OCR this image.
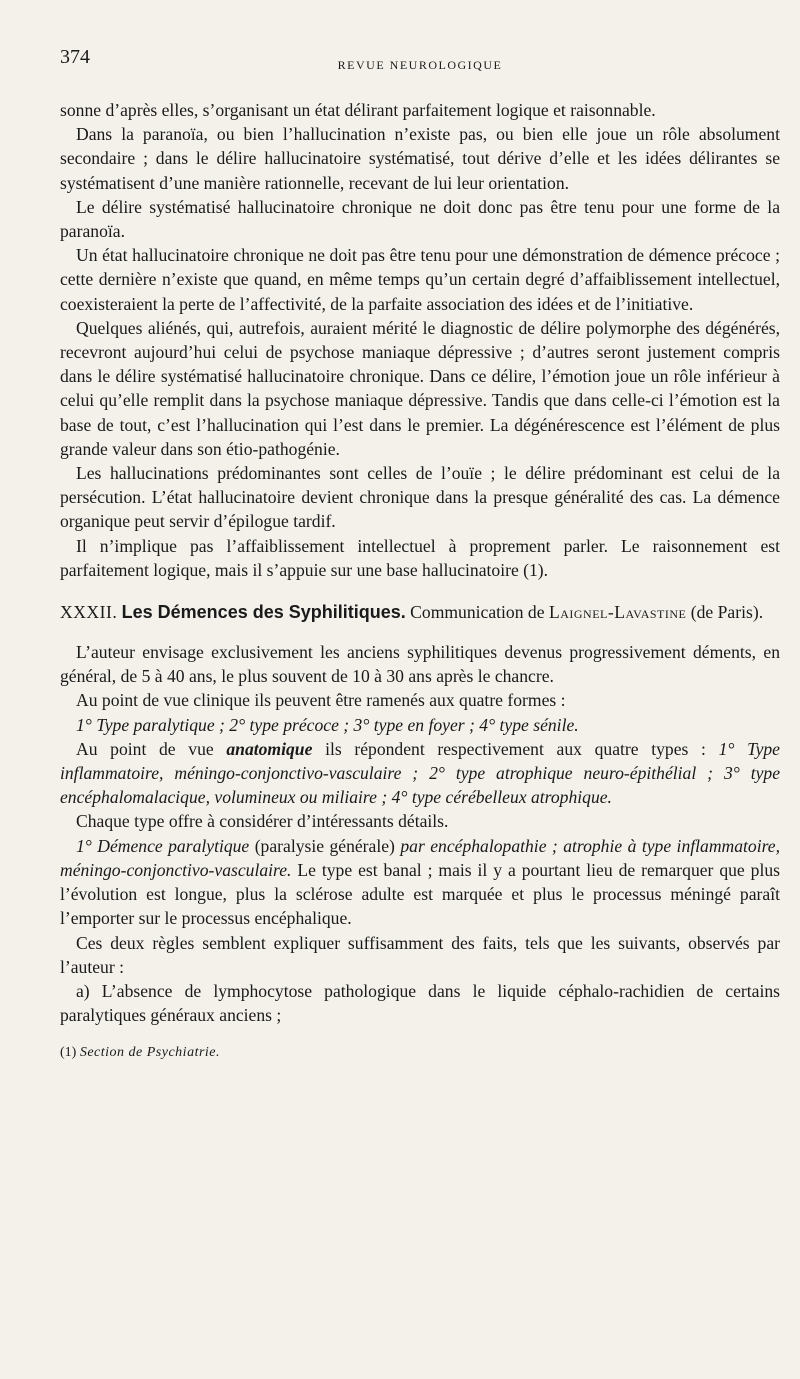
374	REVUE NEUROLOGIQUE

sonne d’après elles, s’organisant un état délirant parfaitement logique et raisonnable.

Dans la paranoïa, ou bien l’hallucination n’existe pas, ou bien elle joue un rôle absolument secondaire ; dans le délire hallucinatoire systématisé, tout dérive d’elle et les idées délirantes se systématisent d’une manière rationnelle, recevant de lui leur orientation.

Le délire systématisé hallucinatoire chronique ne doit donc pas être tenu pour une forme de la paranoïa.

Un état hallucinatoire chronique ne doit pas être tenu pour une démonstration de démence précoce ; cette dernière n’existe que quand, en même temps qu’un certain degré d’affaiblissement intellectuel, coexisteraient la perte de l’affectivité, de la parfaite association des idées et de l’initiative.

Quelques aliénés, qui, autrefois, auraient mérité le diagnostic de délire polymorphe des dégénérés, recevront aujourd’hui celui de psychose maniaque dépressive ; d’autres seront justement compris dans le délire systématisé hallucinatoire chronique. Dans ce délire, l’émotion joue un rôle inférieur à celui qu’elle remplit dans la psychose maniaque dépressive. Tandis que dans celle-ci l’émotion est la base de tout, c’est l’hallucination qui l’est dans le premier. La dégénérescence est l’élément de plus grande valeur dans son étio-pathogénie.

Les hallucinations prédominantes sont celles de l’ouïe ; le délire prédominant est celui de la persécution. L’état hallucinatoire devient chronique dans la presque généralité des cas. La démence organique peut servir d’épilogue tardif.

Il n’implique pas l’affaiblissement intellectuel à proprement parler. Le raisonnement est parfaitement logique, mais il s’appuie sur une base hallucinatoire (1).

XXXII. Les Démences des Syphilitiques. Communication de Laignel-Lavastine (de Paris).

L’auteur envisage exclusivement les anciens syphilitiques devenus progressivement déments, en général, de 5 à 40 ans, le plus souvent de 10 à 30 ans après le chancre.

Au point de vue clinique ils peuvent être ramenés aux quatre formes :

1° Type paralytique ; 2° type précoce ; 3° type en foyer ; 4° type sénile.

Au point de vue anatomique ils répondent respectivement aux quatre types : 1° Type inflammatoire, méningo-conjonctivo-vasculaire ; 2° type atrophique neuro-épithélial ; 3° type encéphalomalacique, volumineux ou miliaire ; 4° type cérébelleux atrophique.

Chaque type offre à considérer d’intéressants détails.

1° Démence paralytique (paralysie générale) par encéphalopathie ; atrophie à type inflammatoire, méningo-conjonctivo-vasculaire. Le type est banal ; mais il y a pourtant lieu de remarquer que plus l’évolution est longue, plus la sclérose adulte est marquée et plus le processus méningé paraît l’emporter sur le processus encéphalique.

Ces deux règles semblent expliquer suffisamment des faits, tels que les suivants, observés par l’auteur :

a) L’absence de lymphocytose pathologique dans le liquide céphalo-rachidien de certains paralytiques généraux anciens ;

(1) Section de Psychiatrie.
